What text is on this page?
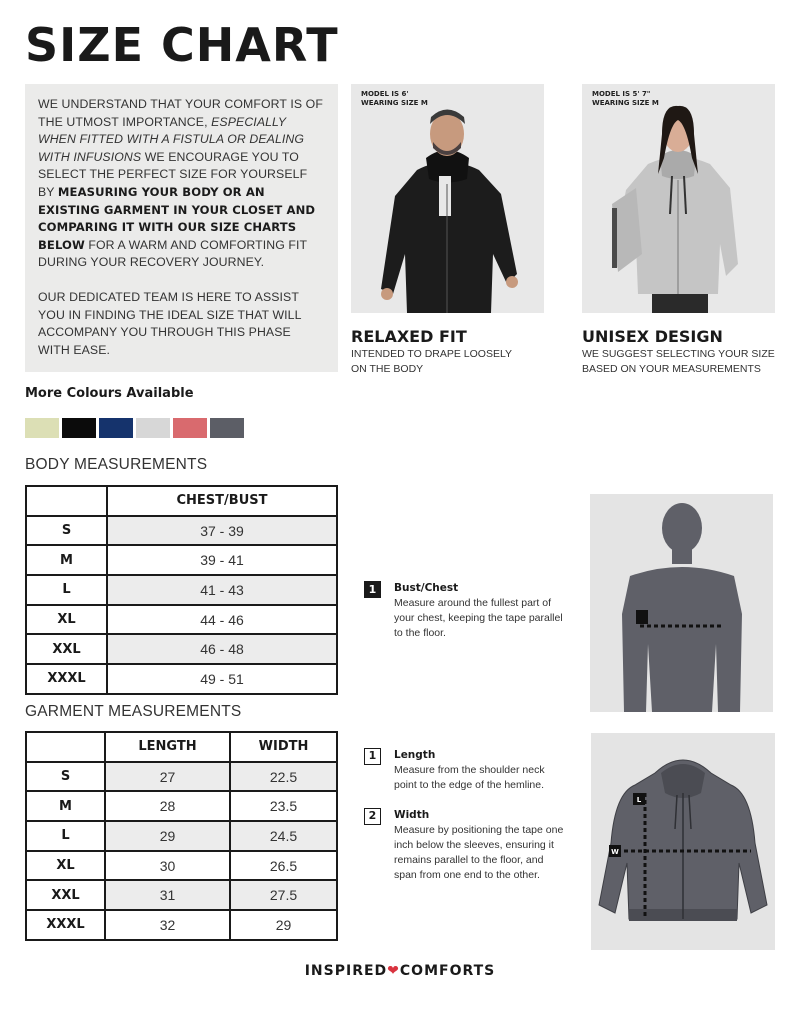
SIZE CHART

WE UNDERSTAND THAT YOUR COMFORT IS OF THE UTMOST IMPORTANCE, ESPECIALLY WHEN FITTED WITH A FISTULA OR DEALING WITH INFUSIONS WE ENCOURAGE YOU TO SELECT THE PERFECT SIZE FOR YOURSELF BY MEASURING YOUR BODY OR AN EXISTING GARMENT IN YOUR CLOSET AND COMPARING IT WITH OUR SIZE CHARTS BELOW FOR A WARM AND COMFORTING FIT DURING YOUR RECOVERY JOURNEY.

OUR DEDICATED TEAM IS HERE TO ASSIST YOU IN FINDING THE IDEAL SIZE THAT WILL ACCOMPANY YOU THROUGH THIS PHASE WITH EASE.

MODEL IS 6'
WEARING SIZE M
MODEL IS 5' 7"
WEARING SIZE M
RELAXED FIT
INTENDED TO DRAPE LOOSELY ON THE BODY
UNISEX DESIGN
WE SUGGEST SELECTING YOUR SIZE BASED ON YOUR MEASUREMENTS
More Colours Available
BODY MEASUREMENTS
	CHEST/BUST
S	37 - 39
M	39 - 41
L	41 - 43
XL	44 - 46
XXL	46 - 48
XXXL	49 - 51
1	Bust/Chest
Measure around the fullest part of your chest, keeping the tape parallel to the floor.
GARMENT MEASUREMENTS
	LENGTH	WIDTH
S	27	22.5
M	28	23.5
L	29	24.5
XL	30	26.5
XXL	31	27.5
XXXL	32	29
1	Length
Measure from the shoulder neck point to the edge of the hemline.
2	Width
Measure by positioning the tape one inch below the sleeves, ensuring it remains parallel to the floor, and span from one end to the other.
L
W
INSPIRED❤COMFORTS
